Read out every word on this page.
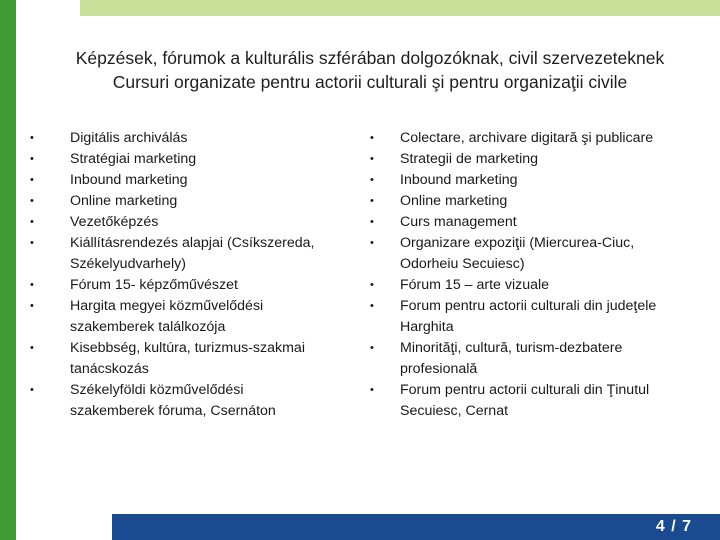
Képzések, fórumok a kulturális szférában dolgozóknak, civil szervezeteknek
Cursuri organizate pentru actorii culturali şi pentru organizaţii civile
•	Digitális archiválás
•	Stratégiai marketing
•	Inbound marketing
•	Online marketing
•	Vezetőképzés
•	Kiállításrendezés alapjai (Csíkszereda, Székelyudvarhely)
•	Fórum 15- képzőművészet
•	Hargita megyei közművelődési szakemberek találkozója
•	Kisebbség, kultúra, turizmus-szakmai tanácskozás
•	Székelyföldi közművelődési szakemberek fóruma, Csernáton
• Colectare, archivare digitară şi publicare
• Strategii de marketing
• Inbound marketing
• Online marketing
• Curs management
• Organizare expoziţii (Miercurea-Ciuc, Odorheiu Secuiesc)
• Fórum 15 – arte vizuale
• Forum pentru actorii culturali din judeţele Harghita
• Minorităţi, cultură, turism-dezbatere profesională
• Forum pentru actorii culturali din Ţinutul Secuiesc, Cernat
4 / 7
